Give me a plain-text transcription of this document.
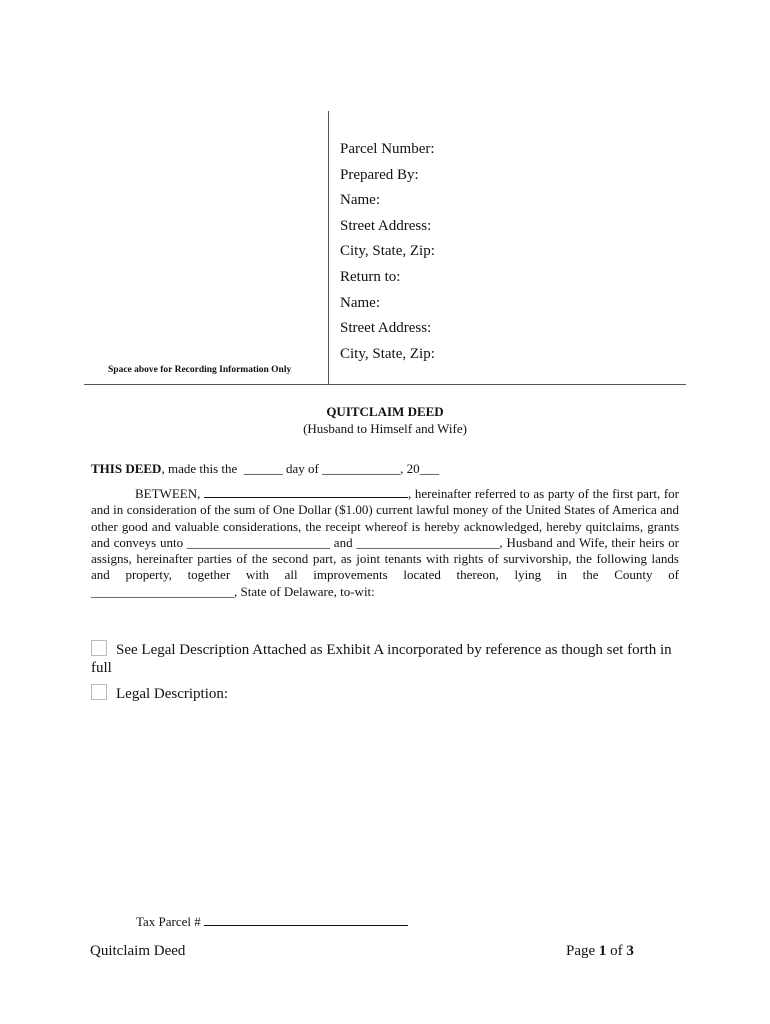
Parcel Number:
Prepared By:
Name:
Street Address:
City, State, Zip:
Return to:
Name:
Street Address:
City, State, Zip:
Space above for Recording Information Only
QUITCLAIM DEED
(Husband to Himself and Wife)
THIS DEED, made this the ______ day of ____________, 20___
BETWEEN,	, hereinafter referred to as party of the first part, for and in consideration of the sum of One Dollar ($1.00) current lawful money of the United States of America and other good and valuable considerations, the receipt whereof is hereby acknowledged, hereby quitclaims, grants and conveys unto ______________________ and ______________________, Husband and Wife, their heirs or assigns, hereinafter parties of the second part, as joint tenants with rights of survivorship, the following lands and property, together with all improvements located thereon, lying in the County of ______________________, State of Delaware, to-wit:
See Legal Description Attached as Exhibit A incorporated by reference as though set forth in full
Legal Description:
Tax Parcel #
Quitclaim Deed	Page 1 of 3
